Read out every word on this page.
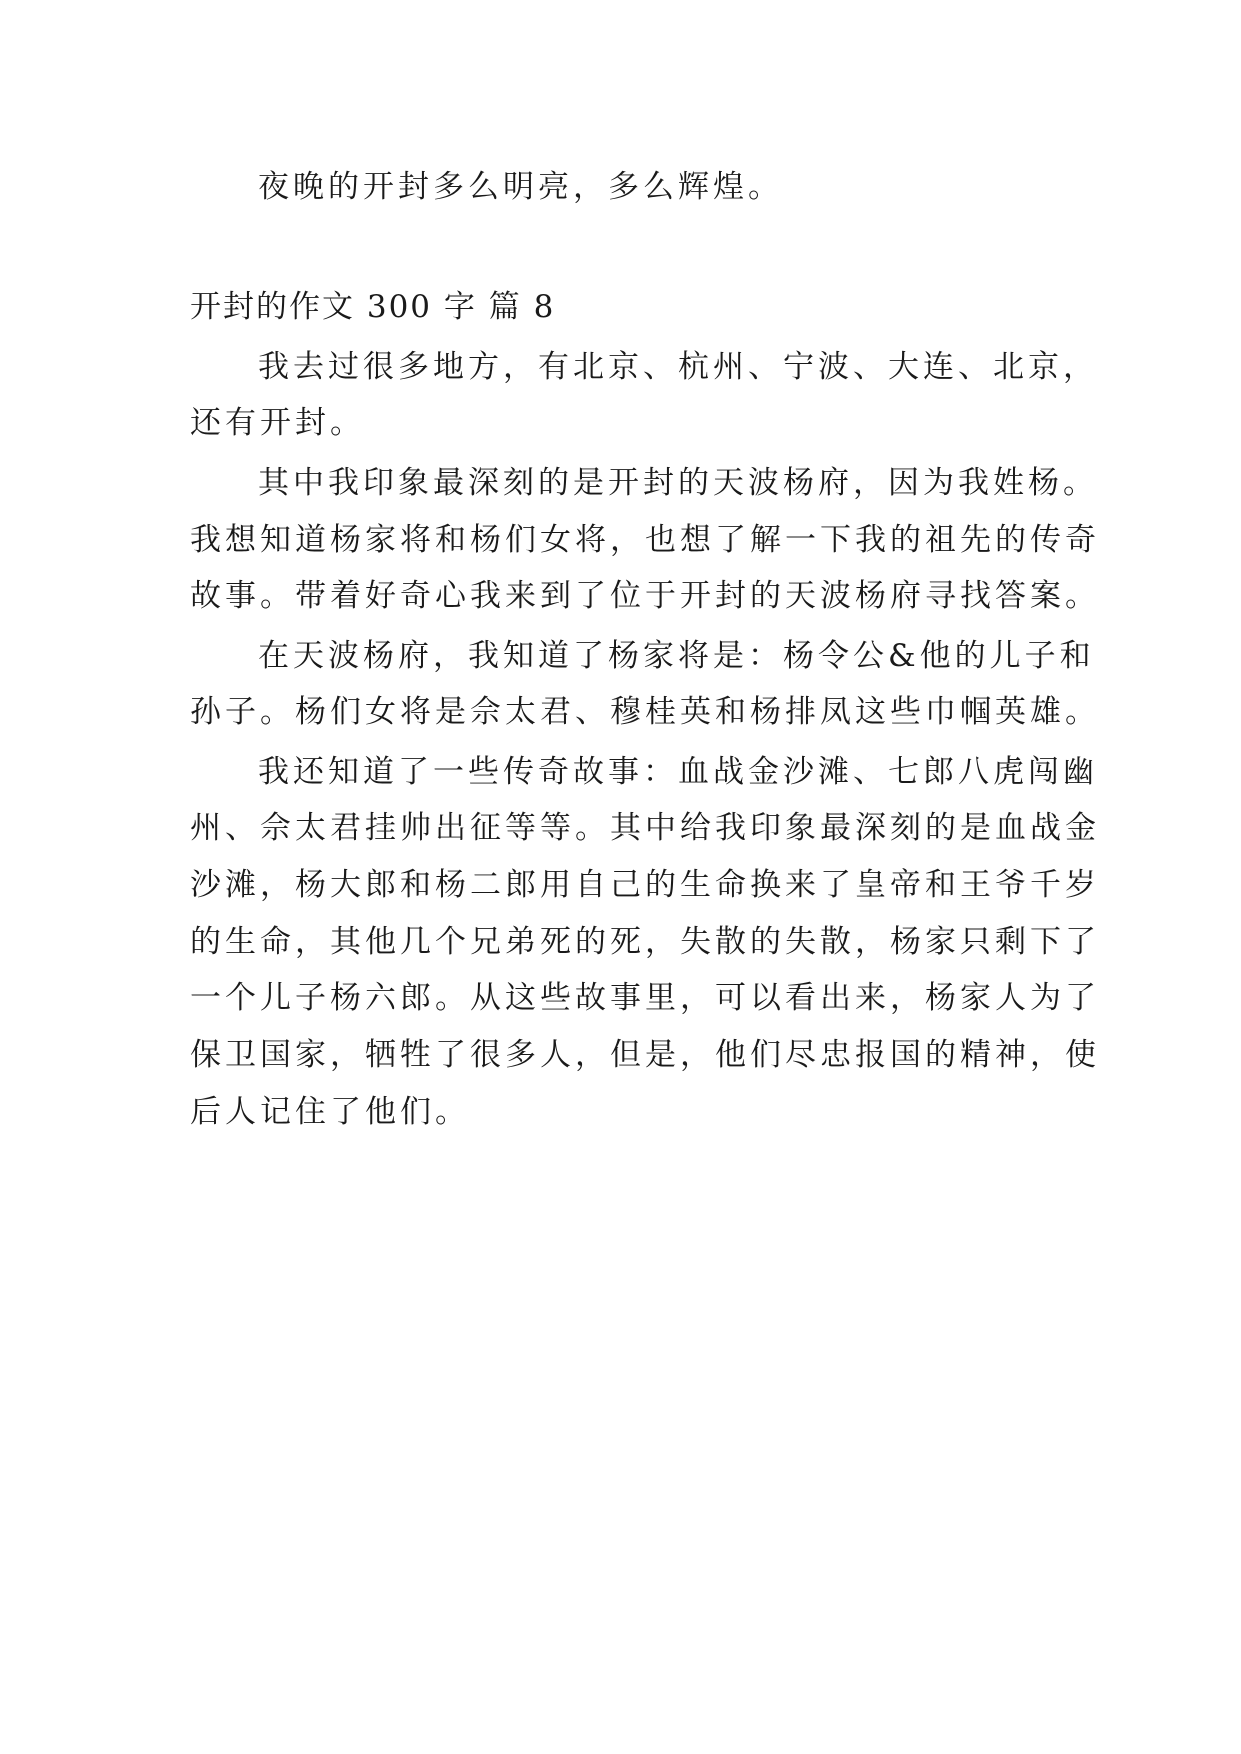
夜晚的开封多么明亮，多么辉煌。
开封的作文 300 字 篇 8
我去过很多地方，有北京、杭州、宁波、大连、北京，
还有开封。
其中我印象最深刻的是开封的天波杨府，因为我姓杨。
我想知道杨家将和杨们女将，也想了解一下我的祖先的传奇
故事。带着好奇心我来到了位于开封的天波杨府寻找答案。
在天波杨府，我知道了杨家将是：杨令公&他的儿子和
孙子。杨们女将是佘太君、穆桂英和杨排凤这些巾帼英雄。
我还知道了一些传奇故事：血战金沙滩、七郎八虎闯幽
州、佘太君挂帅出征等等。其中给我印象最深刻的是血战金
沙滩，杨大郎和杨二郎用自己的生命换来了皇帝和王爷千岁
的生命，其他几个兄弟死的死，失散的失散，杨家只剩下了
一个儿子杨六郎。从这些故事里，可以看出来，杨家人为了
保卫国家，牺牲了很多人，但是，他们尽忠报国的精神，使
后人记住了他们。
